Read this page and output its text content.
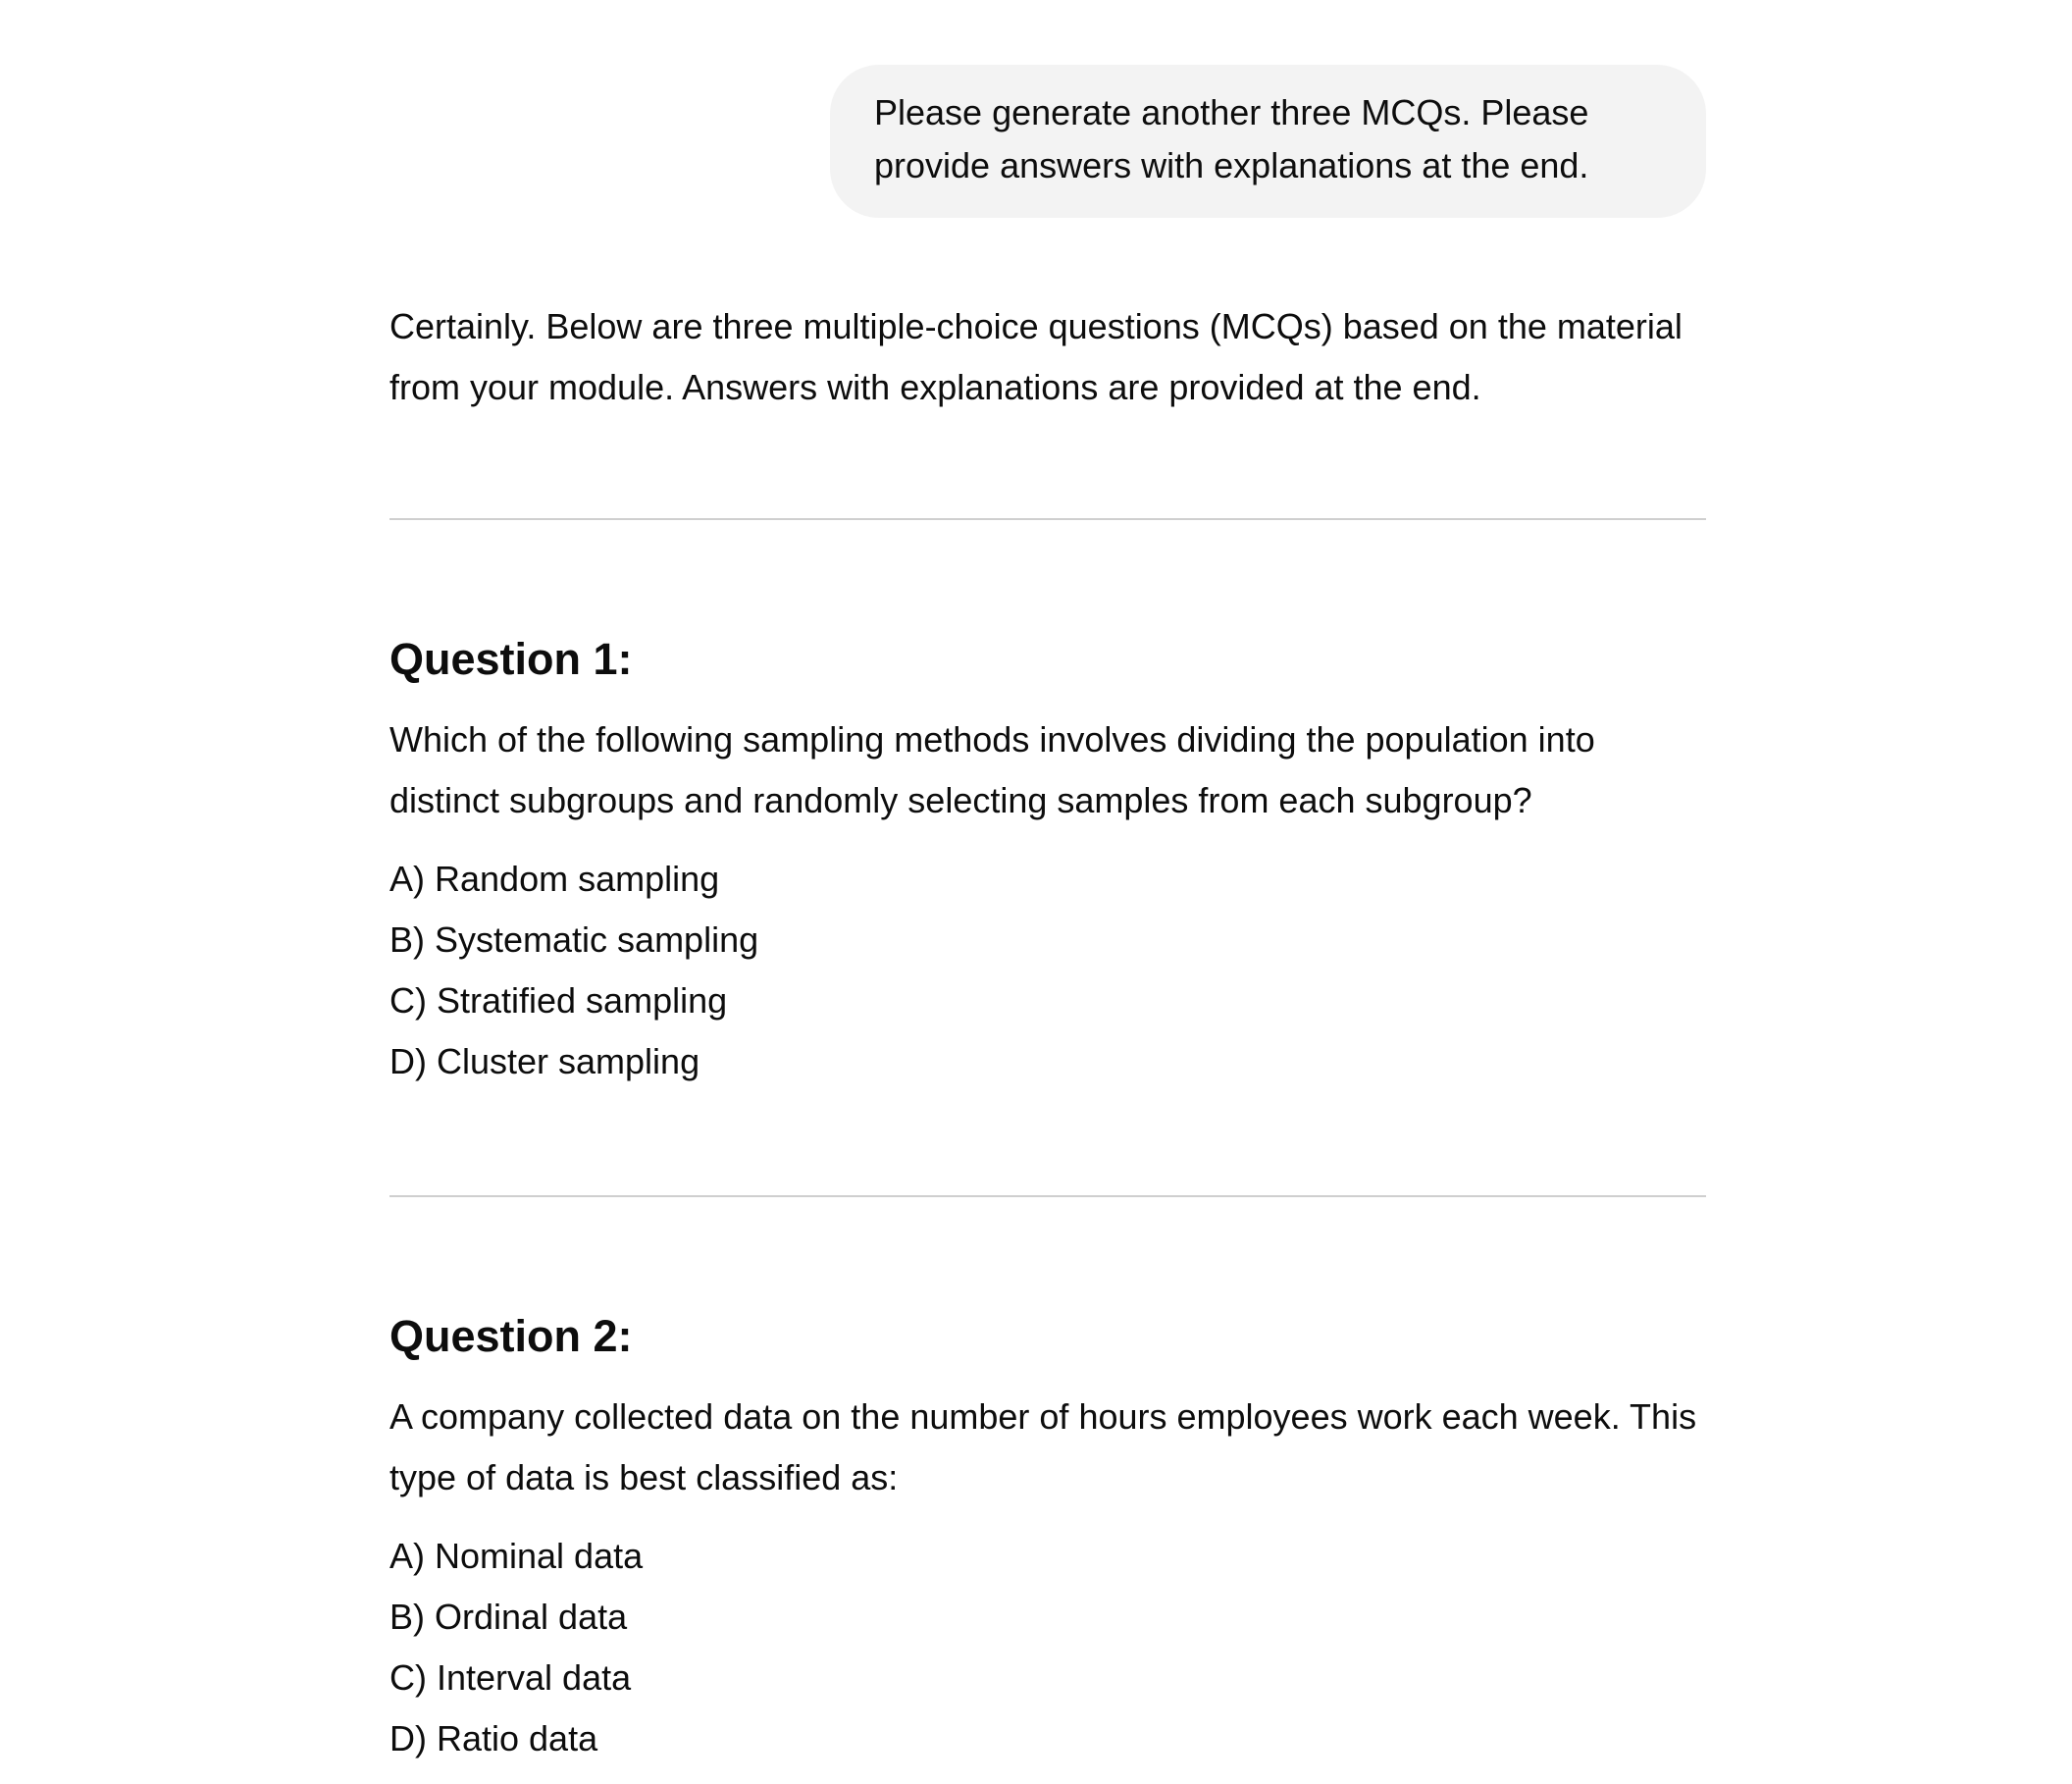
Please generate another three MCQs. Please provide answers with explanations at the end.

Certainly. Below are three multiple-choice questions (MCQs) based on the material from your module. Answers with explanations are provided at the end.

Question 1:

Which of the following sampling methods involves dividing the population into distinct subgroups and randomly selecting samples from each subgroup?

A) Random sampling
B) Systematic sampling
C) Stratified sampling
D) Cluster sampling
Question 2:

A company collected data on the number of hours employees work each week. This type of data is best classified as:

A) Nominal data
B) Ordinal data
C) Interval data
D) Ratio data
